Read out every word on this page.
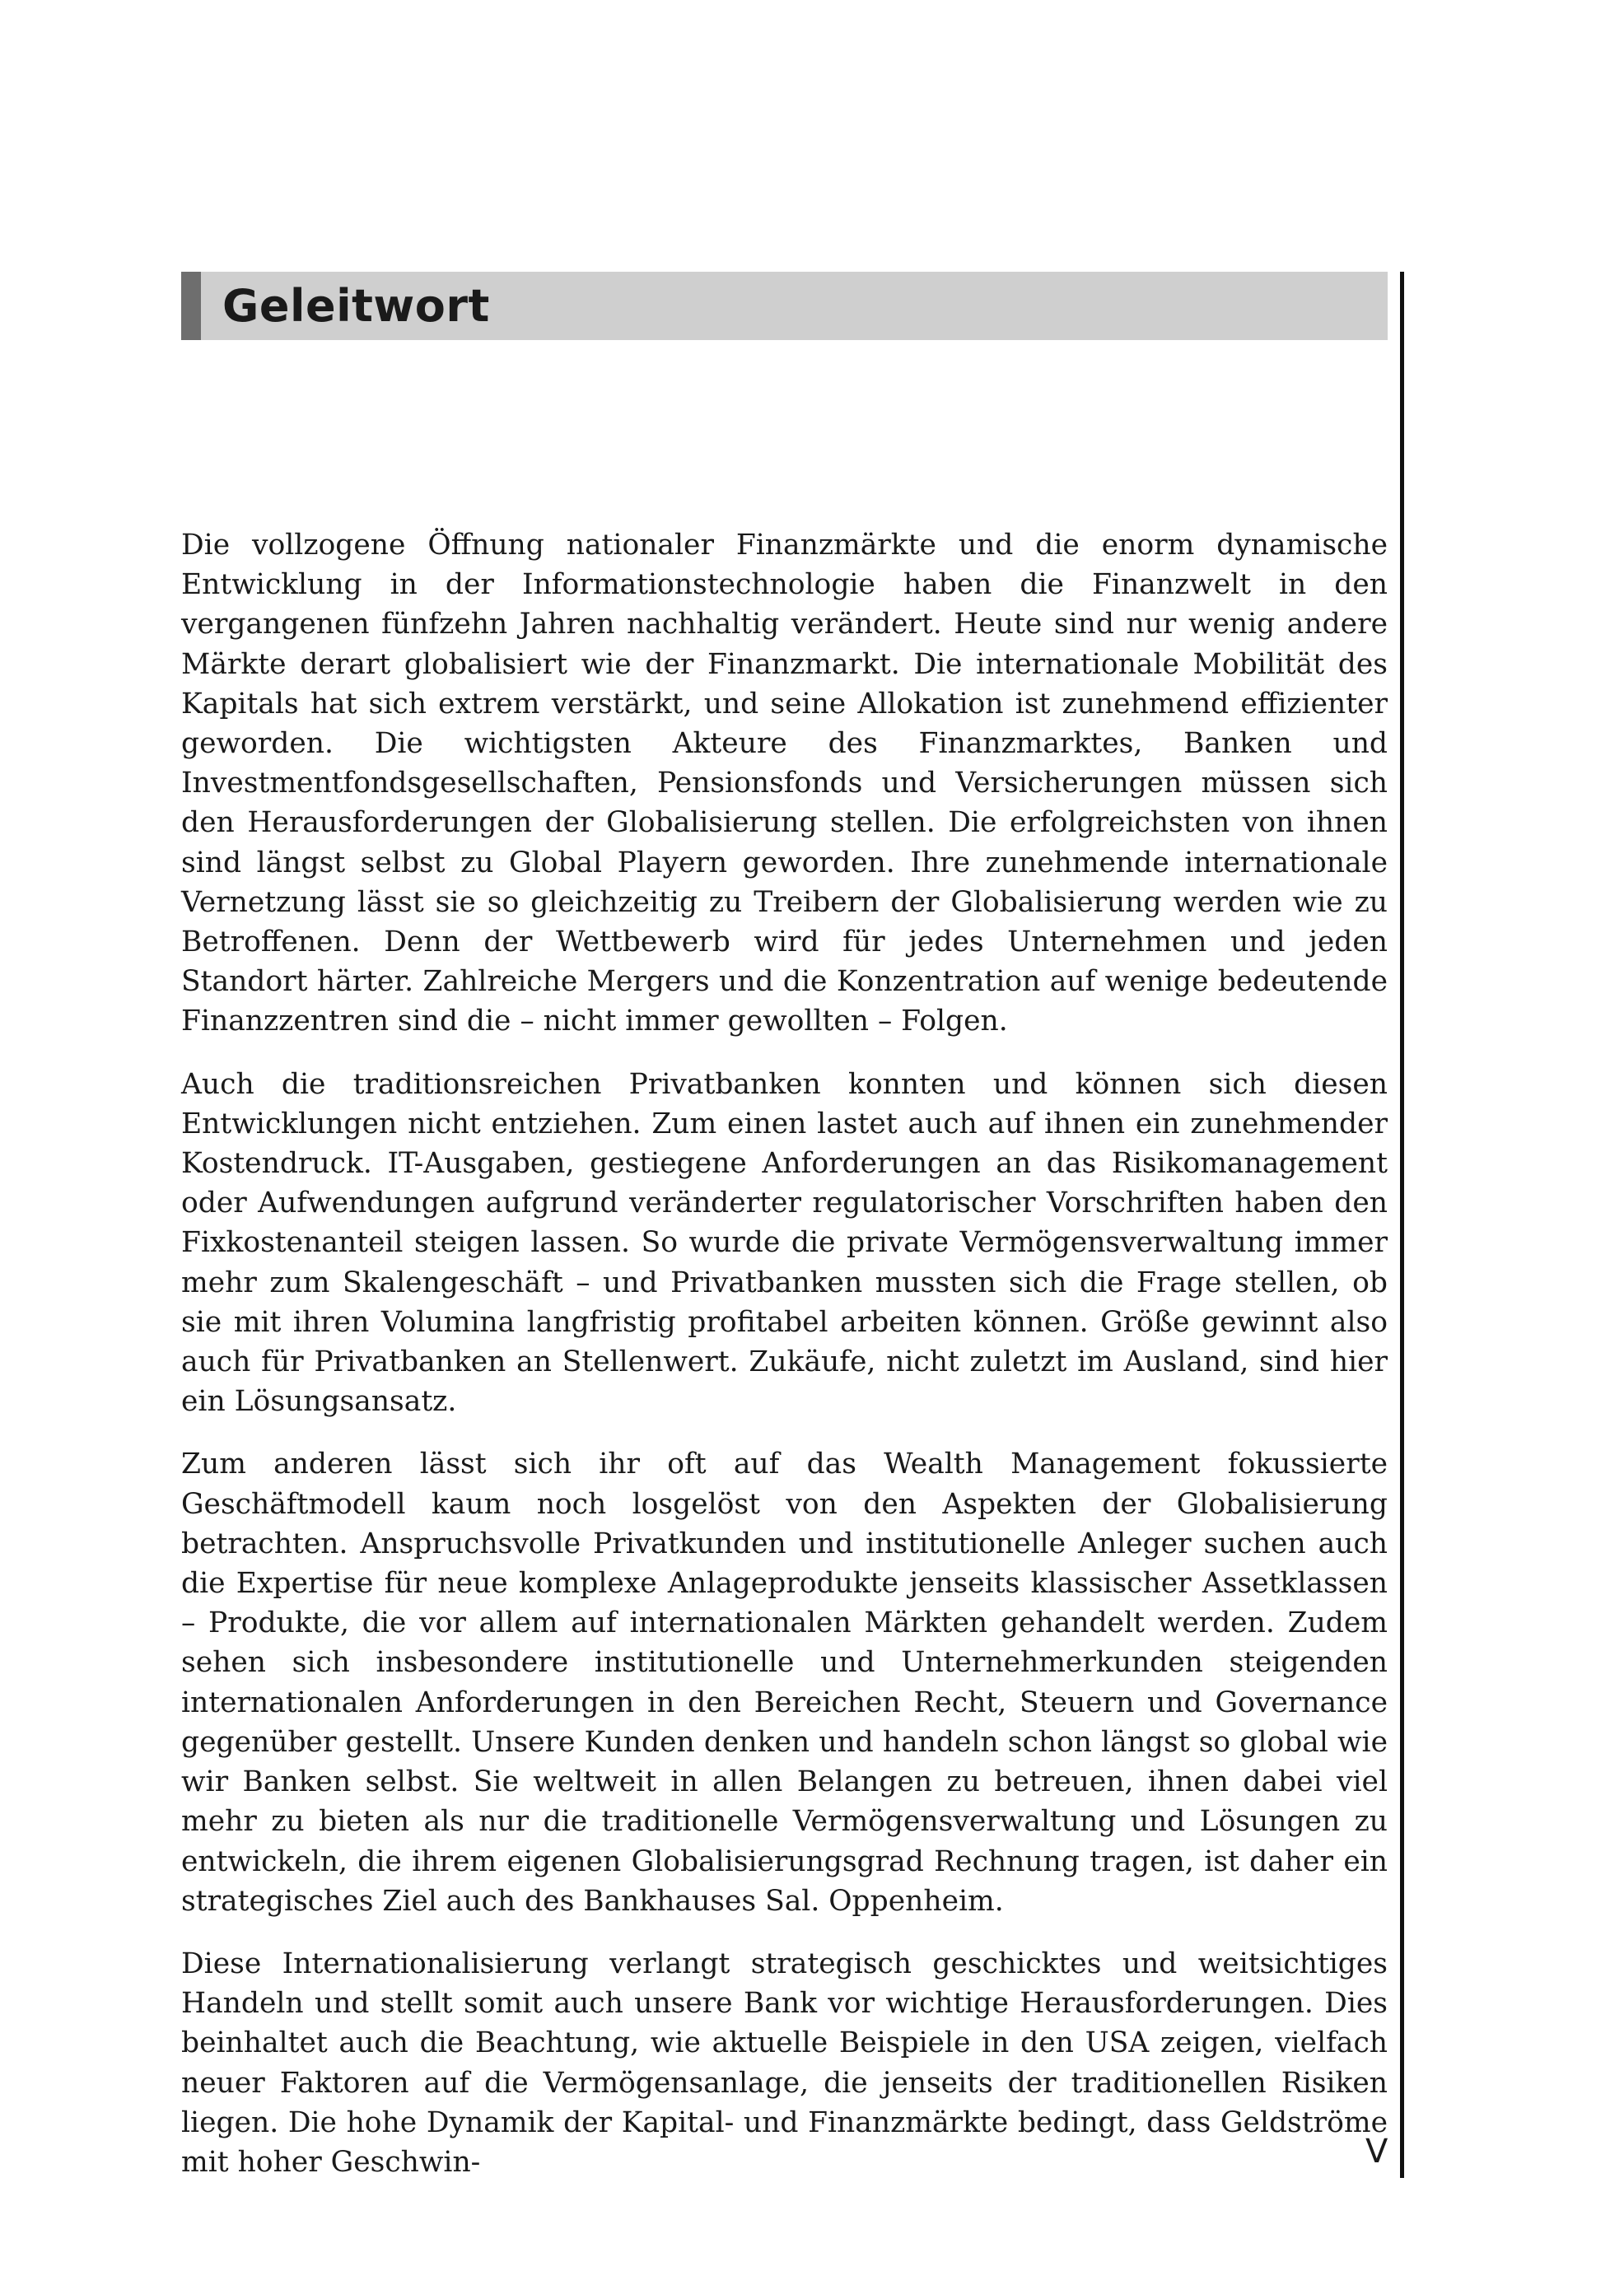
Geleitwort

Die vollzogene Öffnung nationaler Finanzmärkte und die enorm dynamische Entwicklung in der Informationstechnologie haben die Finanzwelt in den vergangenen fünfzehn Jahren nachhaltig verändert. Heute sind nur wenig andere Märkte derart globalisiert wie der Finanzmarkt. Die internationale Mobilität des Kapitals hat sich extrem verstärkt, und seine Allokation ist zunehmend effizienter geworden. Die wichtigsten Akteure des Finanzmarktes, Banken und Investmentfondsgesellschaften, Pensionsfonds und Versicherungen müssen sich den Herausforderungen der Globalisierung stellen. Die erfolgreichsten von ihnen sind längst selbst zu Global Playern geworden. Ihre zunehmende internationale Vernetzung lässt sie so gleichzeitig zu Treibern der Globalisierung werden wie zu Betroffenen. Denn der Wettbewerb wird für jedes Unternehmen und jeden Standort härter. Zahlreiche Mergers und die Konzentration auf wenige bedeutende Finanzzentren sind die – nicht immer gewollten – Folgen.

Auch die traditionsreichen Privatbanken konnten und können sich diesen Entwicklungen nicht entziehen. Zum einen lastet auch auf ihnen ein zunehmender Kostendruck. IT-Ausgaben, gestiegene Anforderungen an das Risikomanagement oder Aufwendungen aufgrund veränderter regulatorischer Vorschriften haben den Fixkostenanteil steigen lassen. So wurde die private Vermögensverwaltung immer mehr zum Skalengeschäft – und Privatbanken mussten sich die Frage stellen, ob sie mit ihren Volumina langfristig profitabel arbeiten können. Größe gewinnt also auch für Privatbanken an Stellenwert. Zukäufe, nicht zuletzt im Ausland, sind hier ein Lösungsansatz.

Zum anderen lässt sich ihr oft auf das Wealth Management fokussierte Geschäftmodell kaum noch losgelöst von den Aspekten der Globalisierung betrachten. Anspruchsvolle Privatkunden und institutionelle Anleger suchen auch die Expertise für neue komplexe Anlageprodukte jenseits klassischer Assetklassen – Produkte, die vor allem auf internationalen Märkten gehandelt werden. Zudem sehen sich insbesondere institutionelle und Unternehmerkunden steigenden internationalen Anforderungen in den Bereichen Recht, Steuern und Governance gegenüber gestellt. Unsere Kunden denken und handeln schon längst so global wie wir Banken selbst. Sie weltweit in allen Belangen zu betreuen, ihnen dabei viel mehr zu bieten als nur die traditionelle Vermögensverwaltung und Lösungen zu entwickeln, die ihrem eigenen Globalisierungsgrad Rechnung tragen, ist daher ein strategisches Ziel auch des Bankhauses Sal. Oppenheim.

Diese Internationalisierung verlangt strategisch geschicktes und weitsichtiges Handeln und stellt somit auch unsere Bank vor wichtige Herausforderungen. Dies beinhaltet auch die Beachtung, wie aktuelle Beispiele in den USA zeigen, vielfach neuer Faktoren auf die Vermögensanlage, die jenseits der traditionellen Risiken liegen. Die hohe Dynamik der Kapital- und Finanzmärkte bedingt, dass Geldströme mit hoher Geschwin-	V
